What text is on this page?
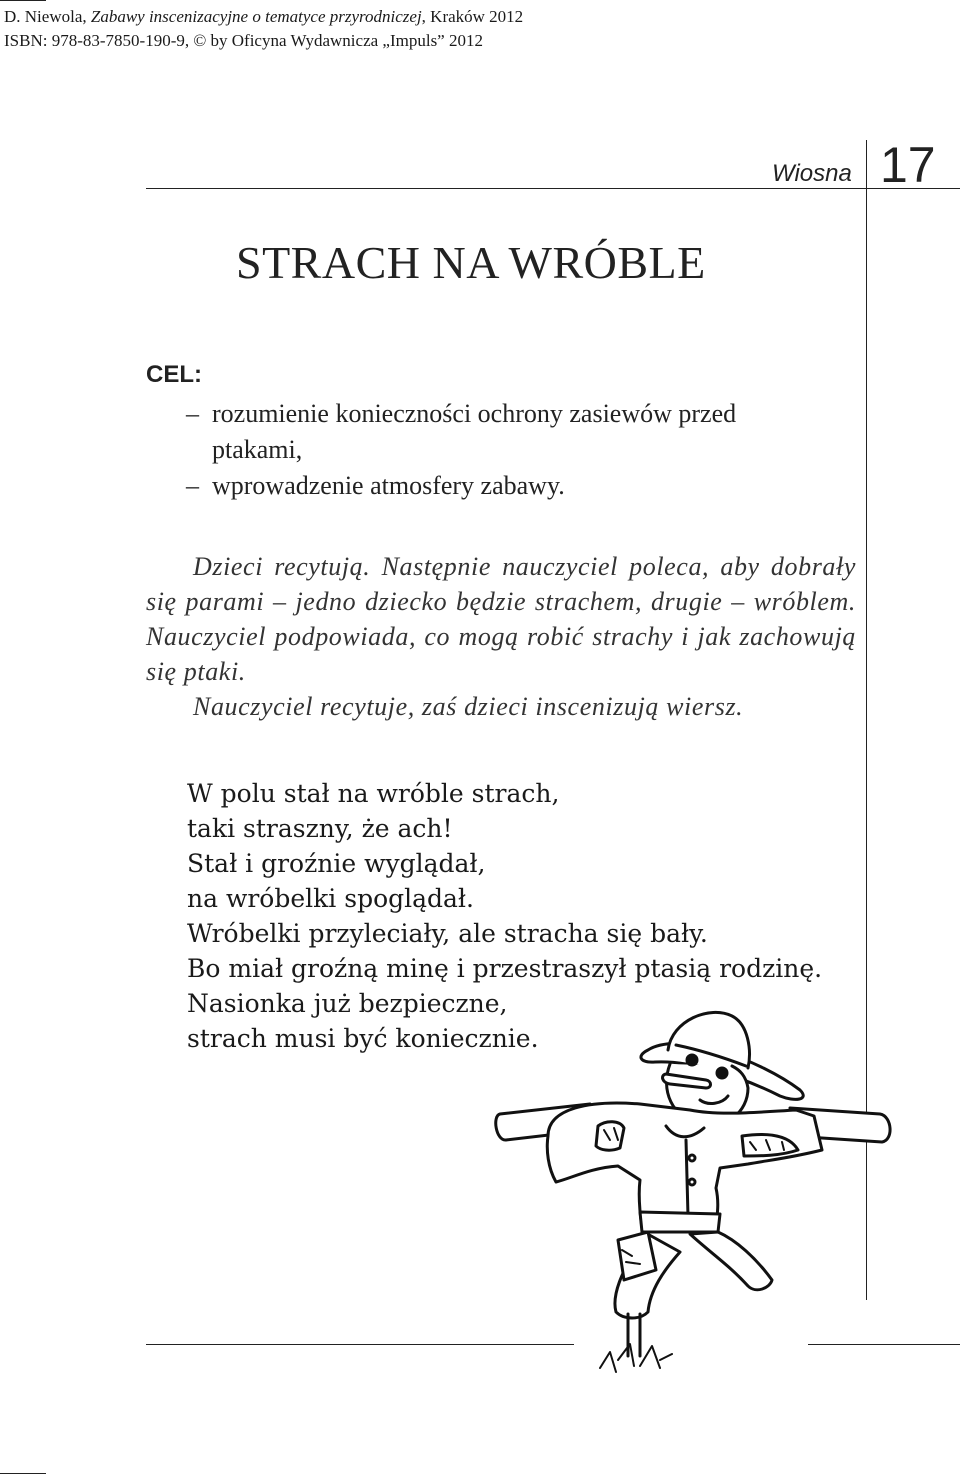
D. Niewola, Zabawy inscenizacyjne o tematyce przyrodniczej, Kraków 2012
ISBN: 978-83-7850-190-9, © by Oficyna Wydawnicza „Impuls” 2012
Wiosna 17
STRACH NA WRÓBLE
CEL:
– rozumienie konieczności ochrony zasiewów przed
ptakami,
– wprowadzenie atmosfery zabawy.

Dzieci recytują. Następnie nauczyciel poleca, aby dobrały się parami – jedno dziecko będzie strachem, drugie – wróblem. Nauczyciel podpowiada, co mogą robić strachy i jak zachowują się ptaki.

Nauczyciel recytuje, zaś dzieci inscenizują wiersz.

W polu stał na wróble strach,
taki straszny, że ach!
Stał i groźnie wyglądał,
na wróbelki spoglądał.
Wróbelki przyleciały, ale stracha się bały.
Bo miał groźną minę i przestraszył ptasią rodzinę.
Nasionka już bezpieczne,
strach musi być koniecznie.
